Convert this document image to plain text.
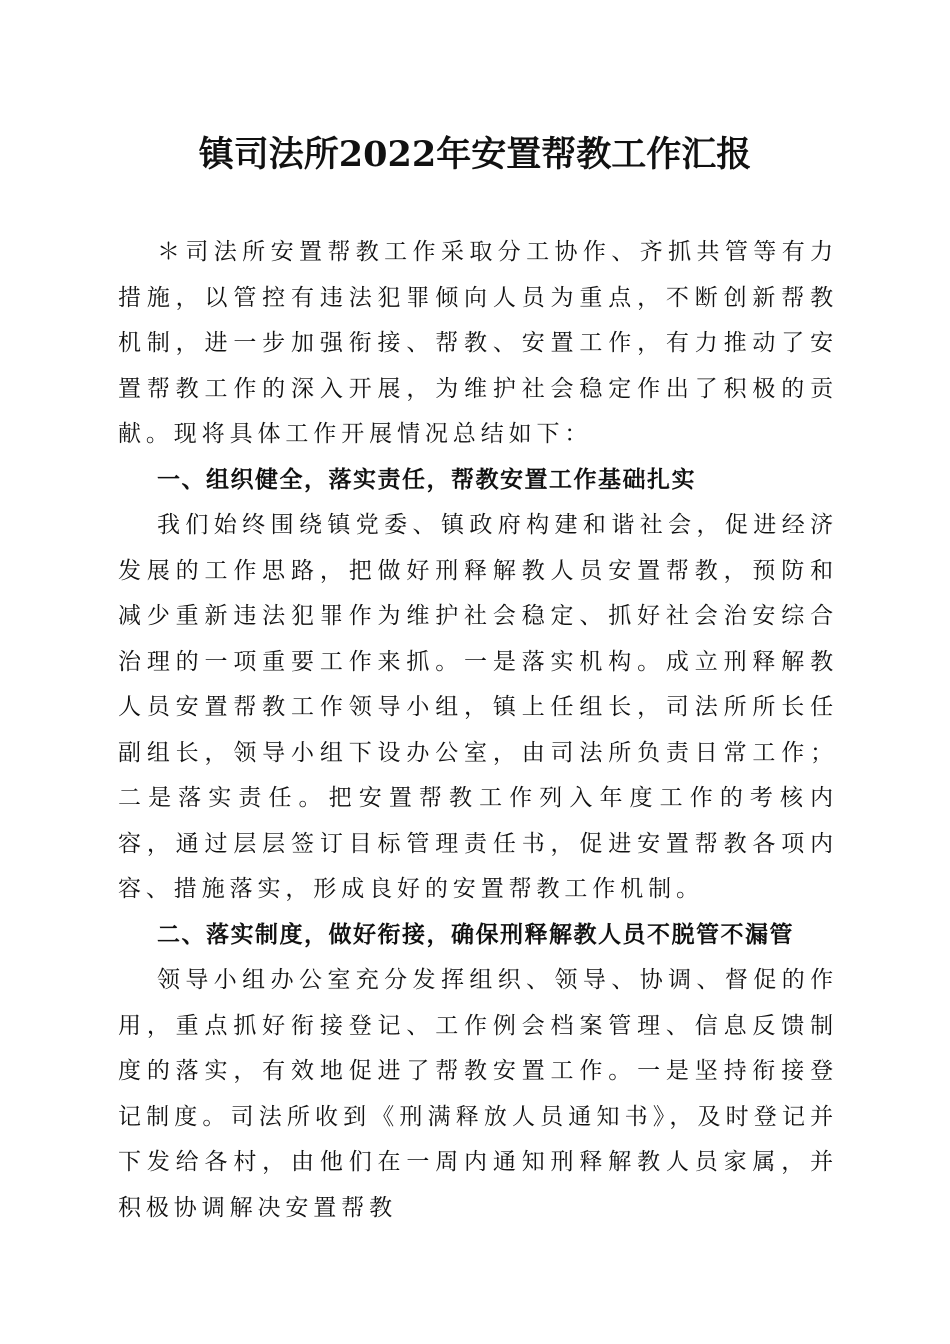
镇司法所2022年安置帮教工作汇报

＊司法所安置帮教工作采取分工协作、齐抓共管等有力措施，以管控有违法犯罪倾向人员为重点，不断创新帮教机制，进一步加强衔接、帮教、安置工作，有力推动了安置帮教工作的深入开展，为维护社会稳定作出了积极的贡献。现将具体工作开展情况总结如下：

一、组织健全，落实责任，帮教安置工作基础扎实

我们始终围绕镇党委、镇政府构建和谐社会，促进经济发展的工作思路，把做好刑释解教人员安置帮教，预防和减少重新违法犯罪作为维护社会稳定、抓好社会治安综合治理的一项重要工作来抓。一是落实机构。成立刑释解教人员安置帮教工作领导小组，镇上任组长，司法所所长任副组长，领导小组下设办公室，由司法所负责日常工作；二是落实责任。把安置帮教工作列入年度工作的考核内容，通过层层签订目标管理责任书，促进安置帮教各项内容、措施落实，形成良好的安置帮教工作机制。

二、落实制度，做好衔接，确保刑释解教人员不脱管不漏管

领导小组办公室充分发挥组织、领导、协调、督促的作用，重点抓好衔接登记、工作例会档案管理、信息反馈制度的落实，有效地促进了帮教安置工作。一是坚持衔接登记制度。司法所收到《刑满释放人员通知书》，及时登记并下发给各村，由他们在一周内通知刑释解教人员家属，并积极协调解决安置帮教
